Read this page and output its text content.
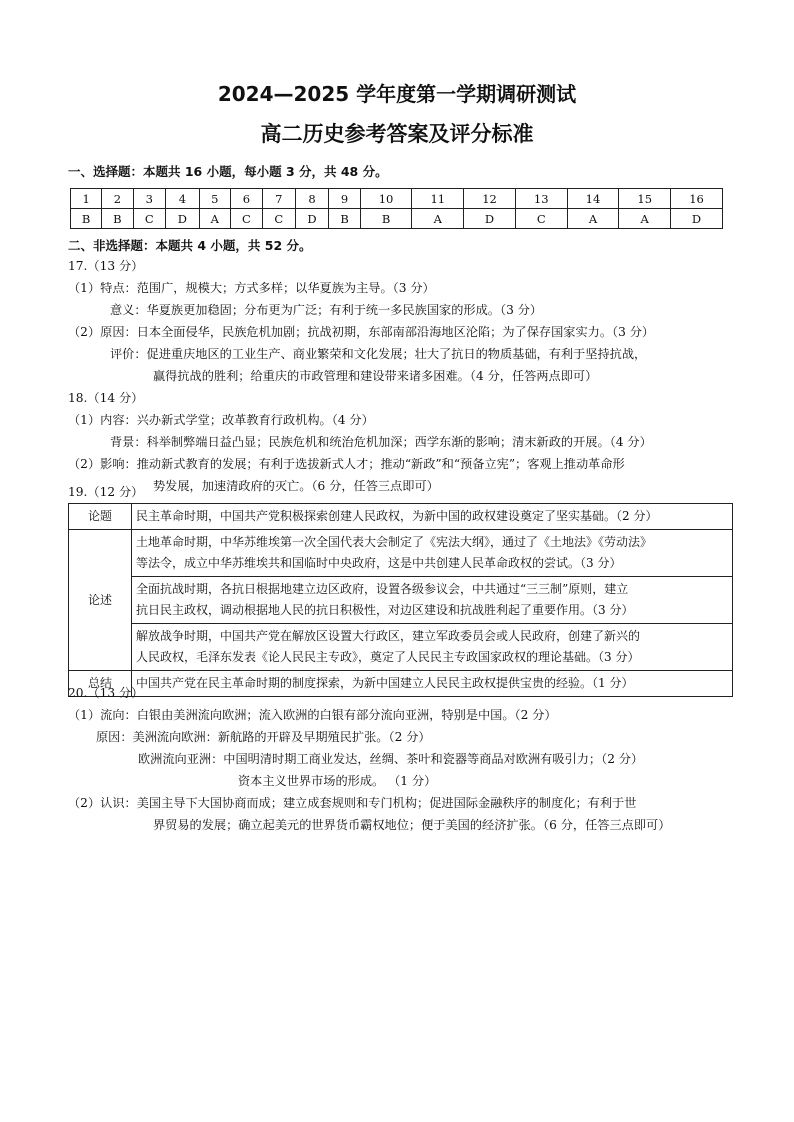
2024—2025 学年度第一学期调研测试
高二历史参考答案及评分标准
一、选择题：本题共 16 小题，每小题 3 分，共 48 分。
1	2	3	4	5	6	7	8	9	10	11	12	13	14	15	16
B	B	C	D	A	C	C	D	B	B	A	D	C	A	A	D
二、非选择题：本题共 4 小题，共 52 分。
17.（13 分）
（1）特点：范围广，规模大；方式多样；以华夏族为主导。（3 分）
意义：华夏族更加稳固；分布更为广泛；有利于统一多民族国家的形成。（3 分）
（2）原因：日本全面侵华，民族危机加剧；抗战初期，东部南部沿海地区沦陷；为了保存国家实力。（3 分）
评价：促进重庆地区的工业生产、商业繁荣和文化发展；壮大了抗日的物质基础，有利于坚持抗战，
赢得抗战的胜利；给重庆的市政管理和建设带来诸多困难。（4 分，任答两点即可）
18.（14 分）
（1）内容：兴办新式学堂；改革教育行政机构。（4 分）
背景：科举制弊端日益凸显；民族危机和统治危机加深；西学东渐的影响；清末新政的开展。（4 分）
（2）影响：推动新式教育的发展；有利于选拔新式人才；推动“新政”和“预备立宪”；客观上推动革命形
势发展，加速清政府的灭亡。（6 分，任答三点即可）
19.（12 分）
论题	民主革命时期，中国共产党积极探索创建人民政权，为新中国的政权建设奠定了坚实基础。（2 分）
论述	土地革命时期，中华苏维埃第一次全国代表大会制定了《宪法大纲》，通过了《土地法》《劳动法》
等法令，成立中华苏维埃共和国临时中央政府，这是中共创建人民革命政权的尝试。（3 分）
	全面抗战时期，各抗日根据地建立边区政府，设置各级参议会，中共通过“三三制”原则，建立
抗日民主政权，调动根据地人民的抗日积极性，对边区建设和抗战胜利起了重要作用。（3 分）
	解放战争时期，中国共产党在解放区设置大行政区，建立军政委员会或人民政府，创建了新兴的
人民政权，毛泽东发表《论人民民主专政》，奠定了人民民主专政国家政权的理论基础。（3 分）
总结	中国共产党在民主革命时期的制度探索，为新中国建立人民民主政权提供宝贵的经验。（1 分）
20.（13 分）
（1）流向：白银由美洲流向欧洲；流入欧洲的白银有部分流向亚洲，特别是中国。（2 分）
原因：美洲流向欧洲：新航路的开辟及早期殖民扩张。（2 分）
欧洲流向亚洲：中国明清时期工商业发达，丝绸、茶叶和瓷器等商品对欧洲有吸引力；（2 分）
资本主义世界市场的形成。 （1 分）
（2）认识：美国主导下大国协商而成；建立成套规则和专门机构；促进国际金融秩序的制度化；有利于世
界贸易的发展；确立起美元的世界货币霸权地位；便于美国的经济扩张。（6 分，任答三点即可）
